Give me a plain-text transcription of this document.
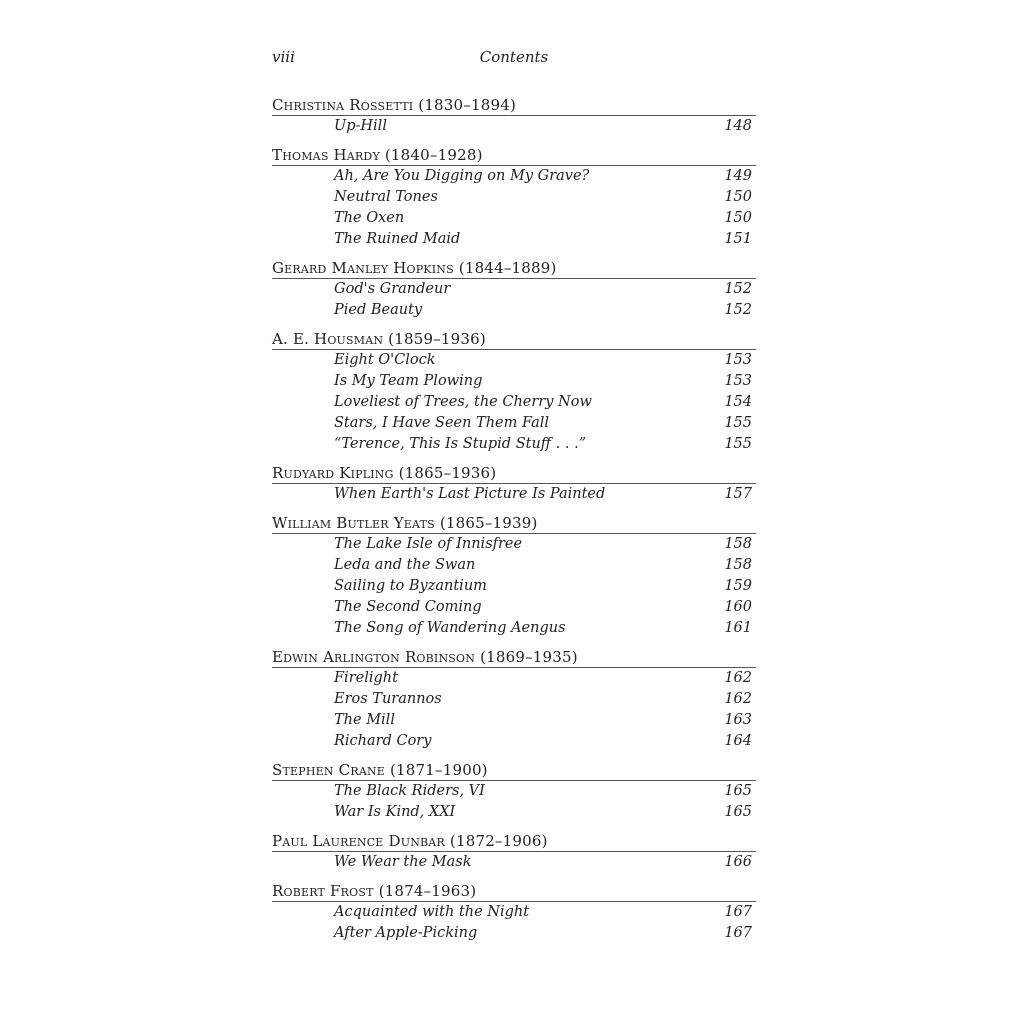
viii	Contents
Christina Rossetti (1830–1894)
Up-Hill	148
Thomas Hardy (1840–1928)
Ah, Are You Digging on My Grave?	149
Neutral Tones	150
The Oxen	150
The Ruined Maid	151
Gerard Manley Hopkins (1844–1889)
God's Grandeur	152
Pied Beauty	152
A. E. Housman (1859–1936)
Eight O'Clock	153
Is My Team Plowing	153
Loveliest of Trees, the Cherry Now	154
Stars, I Have Seen Them Fall	155
“Terence, This Is Stupid Stuff . . .”	155
Rudyard Kipling (1865–1936)
When Earth's Last Picture Is Painted	157
William Butler Yeats (1865–1939)
The Lake Isle of Innisfree	158
Leda and the Swan	158
Sailing to Byzantium	159
The Second Coming	160
The Song of Wandering Aengus	161
Edwin Arlington Robinson (1869–1935)
Firelight	162
Eros Turannos	162
The Mill	163
Richard Cory	164
Stephen Crane (1871–1900)
The Black Riders, VI	165
War Is Kind, XXI	165
Paul Laurence Dunbar (1872–1906)
We Wear the Mask	166
Robert Frost (1874–1963)
Acquainted with the Night	167
After Apple-Picking	167
